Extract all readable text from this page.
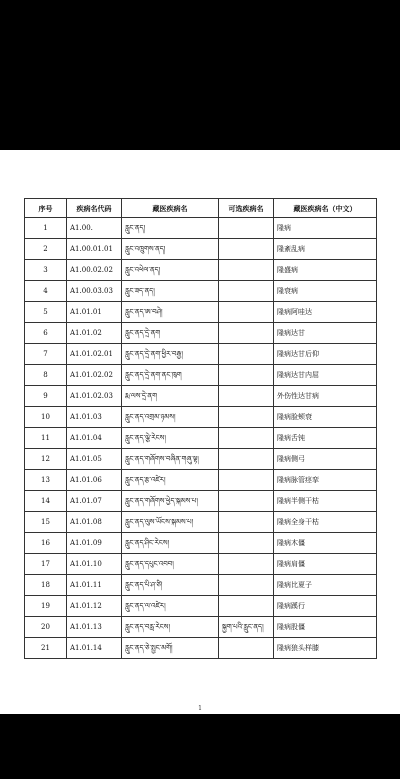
序号	疾病名代码	藏医疾病名	可选疾病名	藏医疾病名（中文）
1	A1.00.	རླུང་ནད།		隆病
2	A1.00.01.01	རླུང་འཁྲུགས་ནད།		隆紊乱病
3	A1.00.02.02	རླུང་འཕེལ་ནད།		隆盛病
4	A1.00.03.03	རླུང་ཟད་ནད།		隆衰病
5	A1.01.01	རླུང་ནད་ཨ་བཤེ།		隆病阿哇达
6	A1.01.02	རླུང་ནད་དྲེ་ནག		隆病达甘
7	A1.01.02.01	རླུང་ནད་དྲེ་ནག་ཕྱིར་བརྒྱ།		隆病达甘后仰
8	A1.01.02.02	རླུང་ནད་དྲེ་ནག་ནང་ཁུག		隆病达甘内屈
9	A1.01.02.03	རྨ་ལས་དྲེ་ནག		外伤性达甘病
10	A1.01.03	རླུང་ནད་འགྲམ་ཉམས།		隆病脸颊衰
11	A1.01.04	རླུང་ནད་ལྕེ་རེངས།		隆病舌钝
12	A1.01.05	རླུང་ནད་གཞོགས་བཞིན་གཞུ་ལྟ།		隆病侧弓
13	A1.01.06	རླུང་ནད་རྩ་འཛེར།		隆病脉管痉挛
14	A1.01.07	རླུང་ནད་གཞོགས་ཕྱེད་སྐམས་པ།		隆病半侧干枯
15	A1.01.08	རླུང་ནད་ལུས་ཡོངས་སྐམས་པ།		隆病全身干枯
16	A1.01.09	རླུང་ནད་ཤིང་རེངས།		隆病木僵
17	A1.01.10	རླུང་ནད་དཔུང་འབབ།		隆病肩僵
18	A1.01.11	རླུང་ནད་པི་ཤ་ཙི།		隆病比夏子
19	A1.01.12	རླུང་ནད་ལ་འཛེར།		隆病蹊行
20	A1.01.13	རླུང་ནད་བརླ་རེངས།	སྐྱག་པའི་རླུང་ནད།	隆病股僵
21	A1.01.14	རླུང་ནད་ཅེ་སྤྱང་མགོ།		隆病狼头样膝
1
